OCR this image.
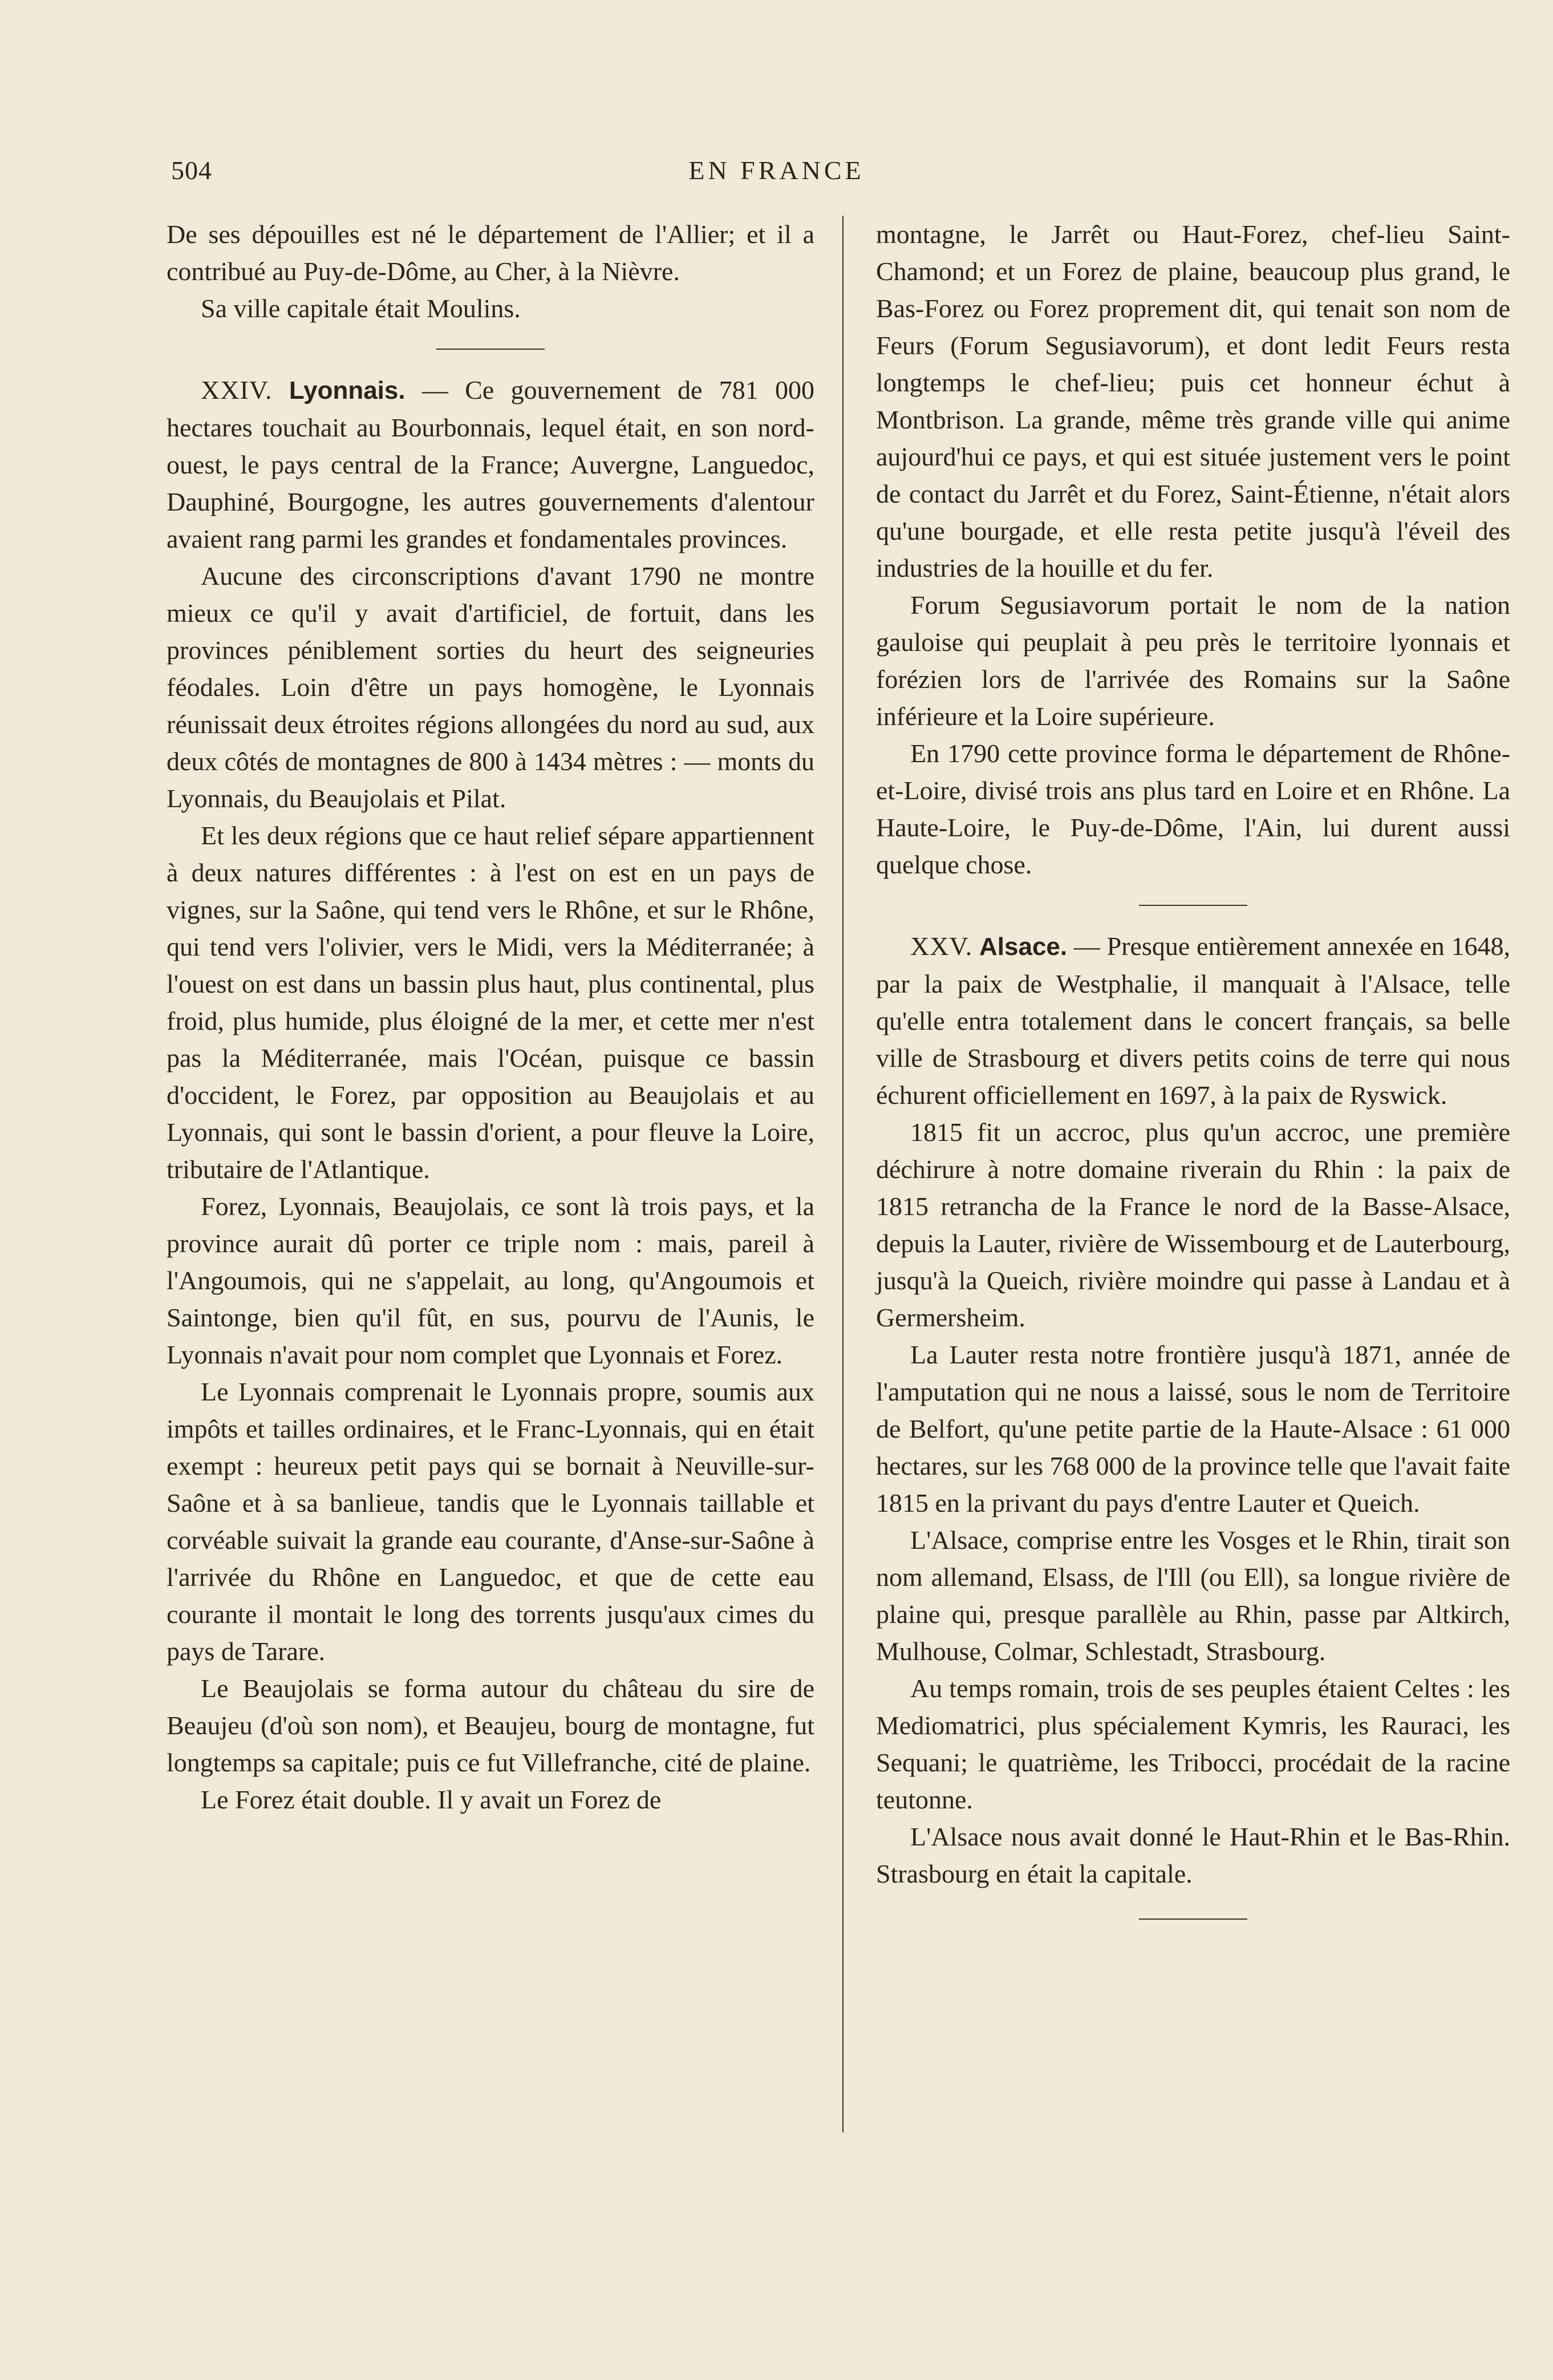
504	EN FRANCE

De ses dépouilles est né le département de l'Allier; et il a contribué au Puy-de-Dôme, au Cher, à la Nièvre.

Sa ville capitale était Moulins.

XXIV. Lyonnais. — Ce gouvernement de 781 000 hectares touchait au Bourbonnais, lequel était, en son nord-ouest, le pays central de la France; Auvergne, Languedoc, Dauphiné, Bourgogne, les autres gouvernements d'alentour avaient rang parmi les grandes et fondamentales provinces.

Aucune des circonscriptions d'avant 1790 ne montre mieux ce qu'il y avait d'artificiel, de fortuit, dans les provinces péniblement sorties du heurt des seigneuries féodales. Loin d'être un pays homogène, le Lyonnais réunissait deux étroites régions allongées du nord au sud, aux deux côtés de montagnes de 800 à 1434 mètres : — monts du Lyonnais, du Beaujolais et Pilat.

Et les deux régions que ce haut relief sépare appartiennent à deux natures différentes : à l'est on est en un pays de vignes, sur la Saône, qui tend vers le Rhône, et sur le Rhône, qui tend vers l'olivier, vers le Midi, vers la Méditerranée; à l'ouest on est dans un bassin plus haut, plus continental, plus froid, plus humide, plus éloigné de la mer, et cette mer n'est pas la Méditerranée, mais l'Océan, puisque ce bassin d'occident, le Forez, par opposition au Beaujolais et au Lyonnais, qui sont le bassin d'orient, a pour fleuve la Loire, tributaire de l'Atlantique.

Forez, Lyonnais, Beaujolais, ce sont là trois pays, et la province aurait dû porter ce triple nom : mais, pareil à l'Angoumois, qui ne s'appelait, au long, qu'Angoumois et Saintonge, bien qu'il fût, en sus, pourvu de l'Aunis, le Lyonnais n'avait pour nom complet que Lyonnais et Forez.

Le Lyonnais comprenait le Lyonnais propre, soumis aux impôts et tailles ordinaires, et le Franc-Lyonnais, qui en était exempt : heureux petit pays qui se bornait à Neuville-sur-Saône et à sa banlieue, tandis que le Lyonnais taillable et corvéable suivait la grande eau courante, d'Anse-sur-Saône à l'arrivée du Rhône en Languedoc, et que de cette eau courante il montait le long des torrents jusqu'aux cimes du pays de Tarare.

Le Beaujolais se forma autour du château du sire de Beaujeu (d'où son nom), et Beaujeu, bourg de montagne, fut longtemps sa capitale; puis ce fut Villefranche, cité de plaine.

Le Forez était double. Il y avait un Forez de

montagne, le Jarrêt ou Haut-Forez, chef-lieu Saint-Chamond; et un Forez de plaine, beaucoup plus grand, le Bas-Forez ou Forez proprement dit, qui tenait son nom de Feurs (Forum Segusiavorum), et dont ledit Feurs resta longtemps le chef-lieu; puis cet honneur échut à Montbrison. La grande, même très grande ville qui anime aujourd'hui ce pays, et qui est située justement vers le point de contact du Jarrêt et du Forez, Saint-Étienne, n'était alors qu'une bourgade, et elle resta petite jusqu'à l'éveil des industries de la houille et du fer.

Forum Segusiavorum portait le nom de la nation gauloise qui peuplait à peu près le territoire lyonnais et forézien lors de l'arrivée des Romains sur la Saône inférieure et la Loire supérieure.

En 1790 cette province forma le département de Rhône-et-Loire, divisé trois ans plus tard en Loire et en Rhône. La Haute-Loire, le Puy-de-Dôme, l'Ain, lui durent aussi quelque chose.

XXV. Alsace. — Presque entièrement annexée en 1648, par la paix de Westphalie, il manquait à l'Alsace, telle qu'elle entra totalement dans le concert français, sa belle ville de Strasbourg et divers petits coins de terre qui nous échurent officiellement en 1697, à la paix de Ryswick.

1815 fit un accroc, plus qu'un accroc, une première déchirure à notre domaine riverain du Rhin : la paix de 1815 retrancha de la France le nord de la Basse-Alsace, depuis la Lauter, rivière de Wissembourg et de Lauterbourg, jusqu'à la Queich, rivière moindre qui passe à Landau et à Germersheim.

La Lauter resta notre frontière jusqu'à 1871, année de l'amputation qui ne nous a laissé, sous le nom de Territoire de Belfort, qu'une petite partie de la Haute-Alsace : 61 000 hectares, sur les 768 000 de la province telle que l'avait faite 1815 en la privant du pays d'entre Lauter et Queich.

L'Alsace, comprise entre les Vosges et le Rhin, tirait son nom allemand, Elsass, de l'Ill (ou Ell), sa longue rivière de plaine qui, presque parallèle au Rhin, passe par Altkirch, Mulhouse, Colmar, Schlestadt, Strasbourg.

Au temps romain, trois de ses peuples étaient Celtes : les Mediomatrici, plus spécialement Kymris, les Rauraci, les Sequani; le quatrième, les Tribocci, procédait de la racine teutonne.

L'Alsace nous avait donné le Haut-Rhin et le Bas-Rhin. Strasbourg en était la capitale.
